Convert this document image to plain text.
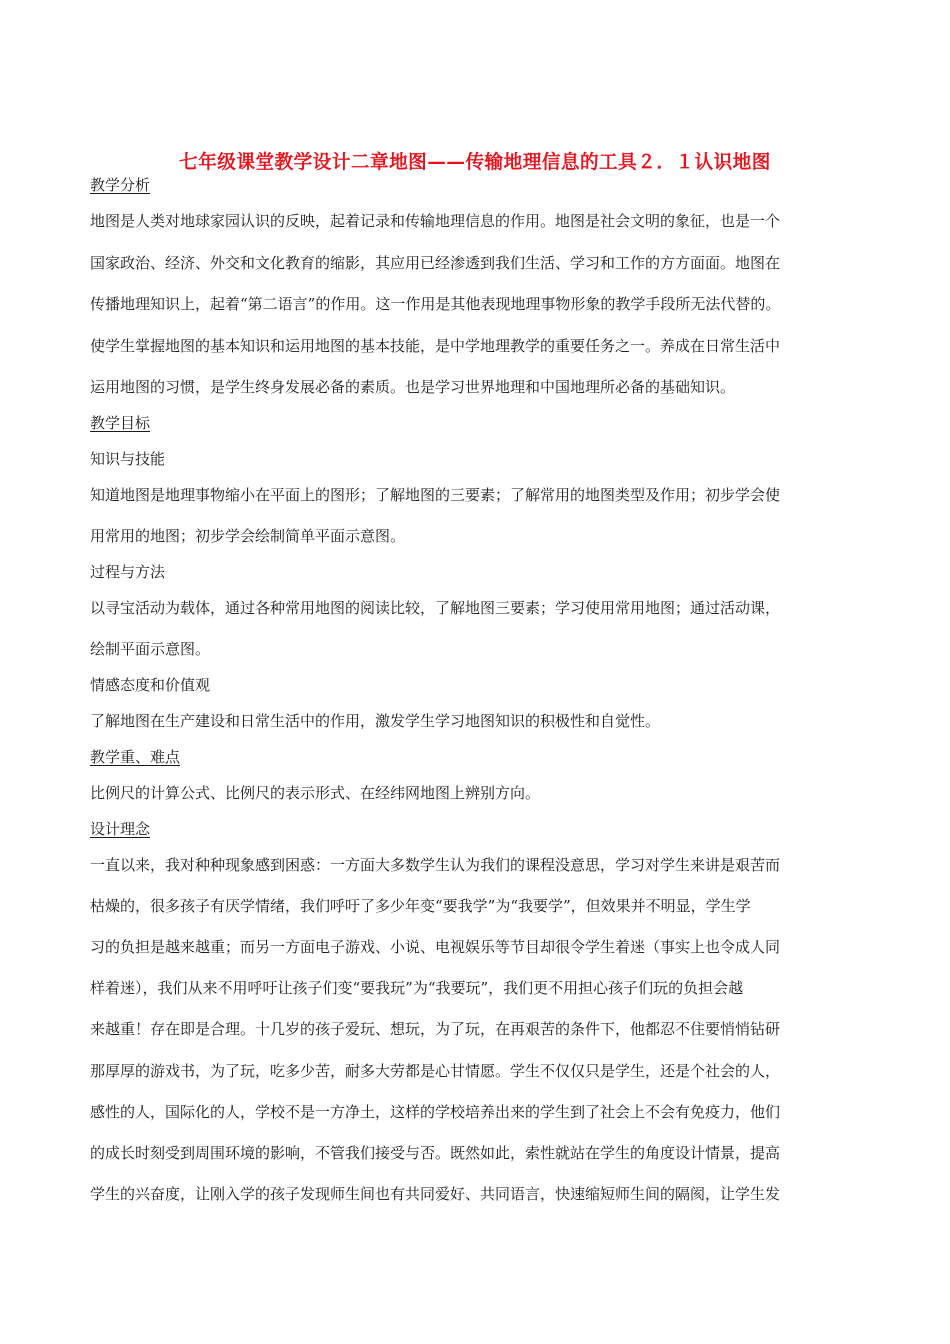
七年级课堂教学设计二章地图——传输地理信息的工具２．１认识地图
教学分析
地图是人类对地球家园认识的反映，起着记录和传输地理信息的作用。地图是社会文明的象征，也是一个
国家政治、经济、外交和文化教育的缩影，其应用已经渗透到我们生活、学习和工作的方方面面。地图在
传播地理知识上，起着“第二语言”的作用。这一作用是其他表现地理事物形象的教学手段所无法代替的。
使学生掌握地图的基本知识和运用地图的基本技能，是中学地理教学的重要任务之一。养成在日常生活中
运用地图的习惯，是学生终身发展必备的素质。也是学习世界地理和中国地理所必备的基础知识。
教学目标
知识与技能
知道地图是地理事物缩小在平面上的图形；了解地图的三要素；了解常用的地图类型及作用；初步学会使
用常用的地图；初步学会绘制简单平面示意图。
过程与方法
以寻宝活动为载体，通过各种常用地图的阅读比较，了解地图三要素；学习使用常用地图；通过活动课，
绘制平面示意图。
情感态度和价值观
了解地图在生产建设和日常生活中的作用，激发学生学习地图知识的积极性和自觉性。
教学重、难点
比例尺的计算公式、比例尺的表示形式、在经纬网地图上辨别方向。
设计理念
一直以来，我对种种现象感到困惑：一方面大多数学生认为我们的课程没意思，学习对学生来讲是艰苦而
枯燥的，很多孩子有厌学情绪，我们呼吁了多少年变“要我学”为“我要学”，但效果并不明显，学生学
习的负担是越来越重；而另一方面电子游戏、小说、电视娱乐等节目却很令学生着迷（事实上也令成人同
样着迷），我们从来不用呼吁让孩子们变“要我玩”为“我要玩”，我们更不用担心孩子们玩的负担会越
来越重！存在即是合理。十几岁的孩子爱玩、想玩，为了玩，在再艰苦的条件下，他都忍不住要悄悄钻研
那厚厚的游戏书，为了玩，吃多少苦，耐多大劳都是心甘情愿。学生不仅仅只是学生，还是个社会的人，
感性的人，国际化的人，学校不是一方净土，这样的学校培养出来的学生到了社会上不会有免疫力，他们
的成长时刻受到周围环境的影响，不管我们接受与否。既然如此，索性就站在学生的角度设计情景，提高
学生的兴奋度，让刚入学的孩子发现师生间也有共同爱好、共同语言，快速缩短师生间的隔阂，让学生发
